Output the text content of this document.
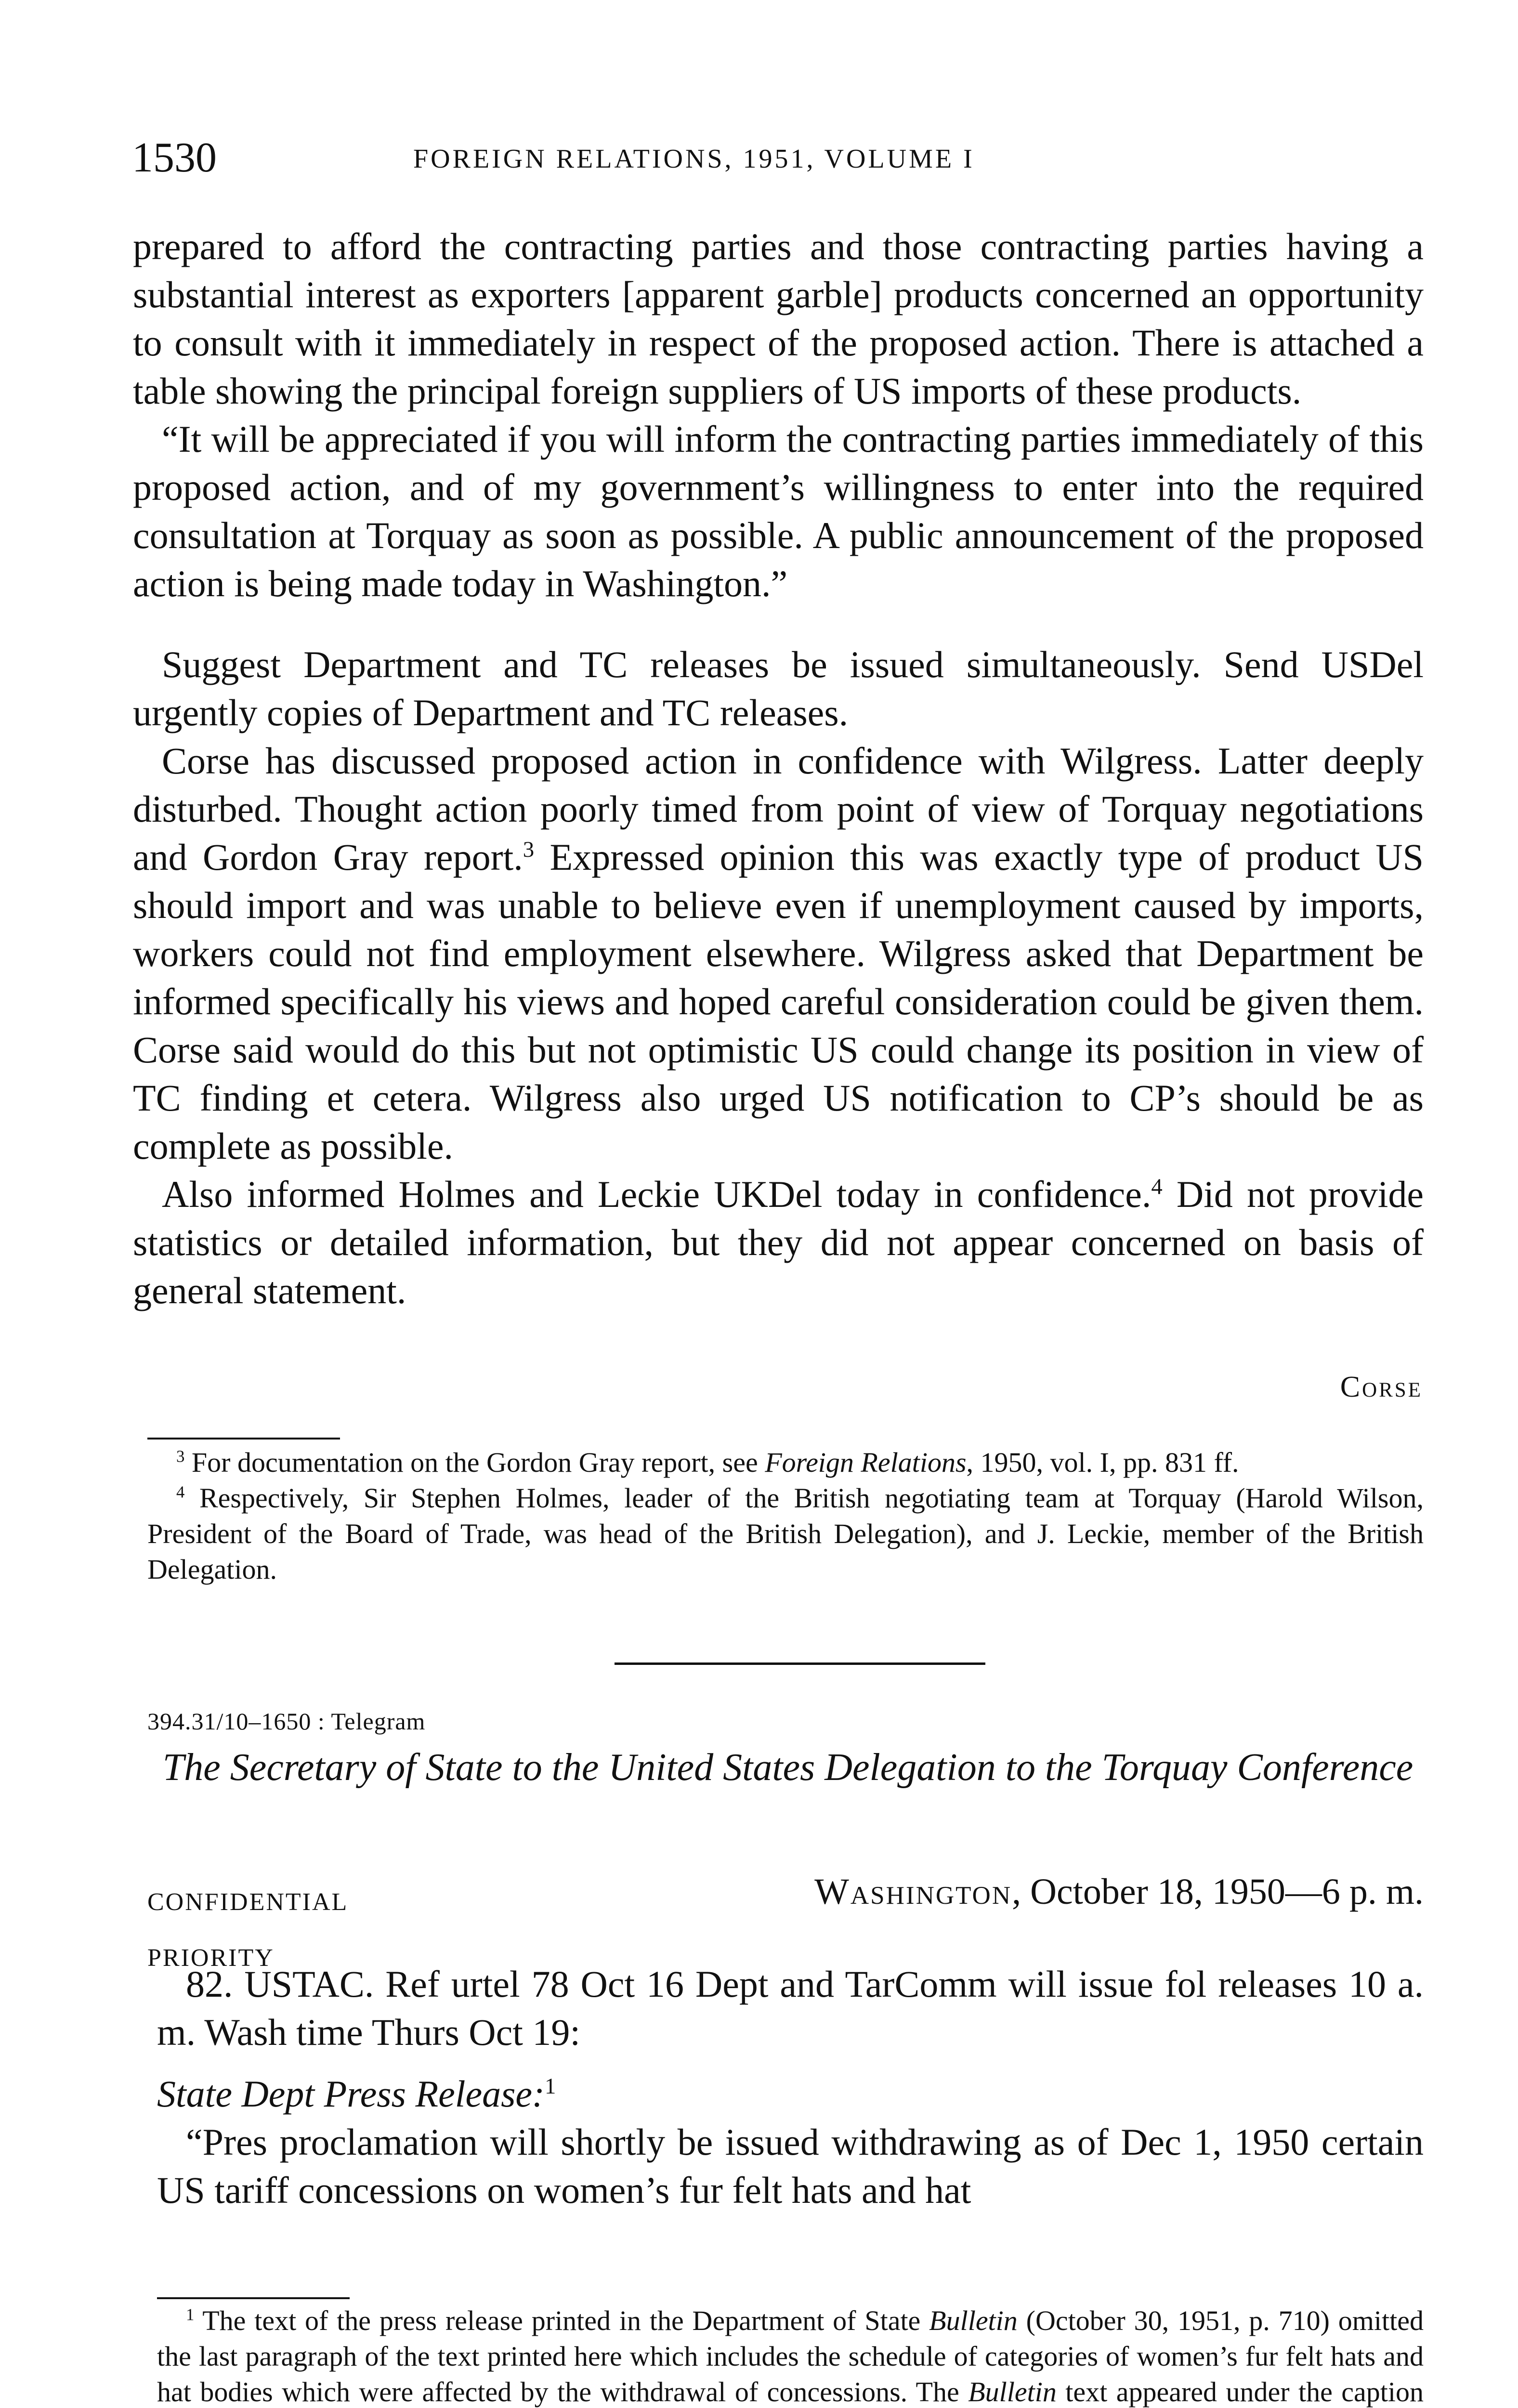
1530	FOREIGN RELATIONS, 1951, VOLUME I

prepared to afford the contracting parties and those contracting parties having a substantial interest as exporters [apparent garble] products concerned an opportunity to consult with it immediately in respect of the proposed action. There is attached a table showing the principal foreign suppliers of US imports of these products.

“It will be appreciated if you will inform the contracting parties immediately of this proposed action, and of my government’s willingness to enter into the required consultation at Torquay as soon as possible. A public announcement of the proposed action is being made today in Washington.”

Suggest Department and TC releases be issued simultaneously. Send USDel urgently copies of Department and TC releases.

Corse has discussed proposed action in confidence with Wilgress. Latter deeply disturbed. Thought action poorly timed from point of view of Torquay negotiations and Gordon Gray report.$^3$ Expressed opinion this was exactly type of product US should import and was unable to believe even if unemployment caused by imports, workers could not find employment elsewhere. Wilgress asked that Department be informed specifically his views and hoped careful consideration could be given them. Corse said would do this but not optimistic US could change its position in view of TC finding et cetera. Wilgress also urged US notification to CP’s should be as complete as possible.

Also informed Holmes and Leckie UKDel today in confidence.$^4$ Did not provide statistics or detailed information, but they did not appear concerned on basis of general statement.

Corse

$^3$ For documentation on the Gordon Gray report, see Foreign Relations, 1950, vol. I, pp. 831 ff.

$^4$ Respectively, Sir Stephen Holmes, leader of the British negotiating team at Torquay (Harold Wilson, President of the Board of Trade, was head of the British Delegation), and J. Leckie, member of the British Delegation.

394.31/10–1650 : Telegram
The Secretary of State to the United States Delegation to the Torquay Conference
CONFIDENTIAL	Washington, October 18, 1950—6 p. m.
PRIORITY

82. USTAC. Ref urtel 78 Oct 16 Dept and TarComm will issue fol releases 10 a. m. Wash time Thurs Oct 19:

State Dept Press Release:$^1$

“Pres proclamation will shortly be issued withdrawing as of Dec 1, 1950 certain US tariff concessions on women’s fur felt hats and hat

$^1$ The text of the press release printed in the Department of State Bulletin (October 30, 1951, p. 710) omitted the last paragraph of the text printed here which includes the schedule of categories of women’s fur felt hats and hat bodies which were affected by the withdrawal of concessions. The Bulletin text appeared under the caption
